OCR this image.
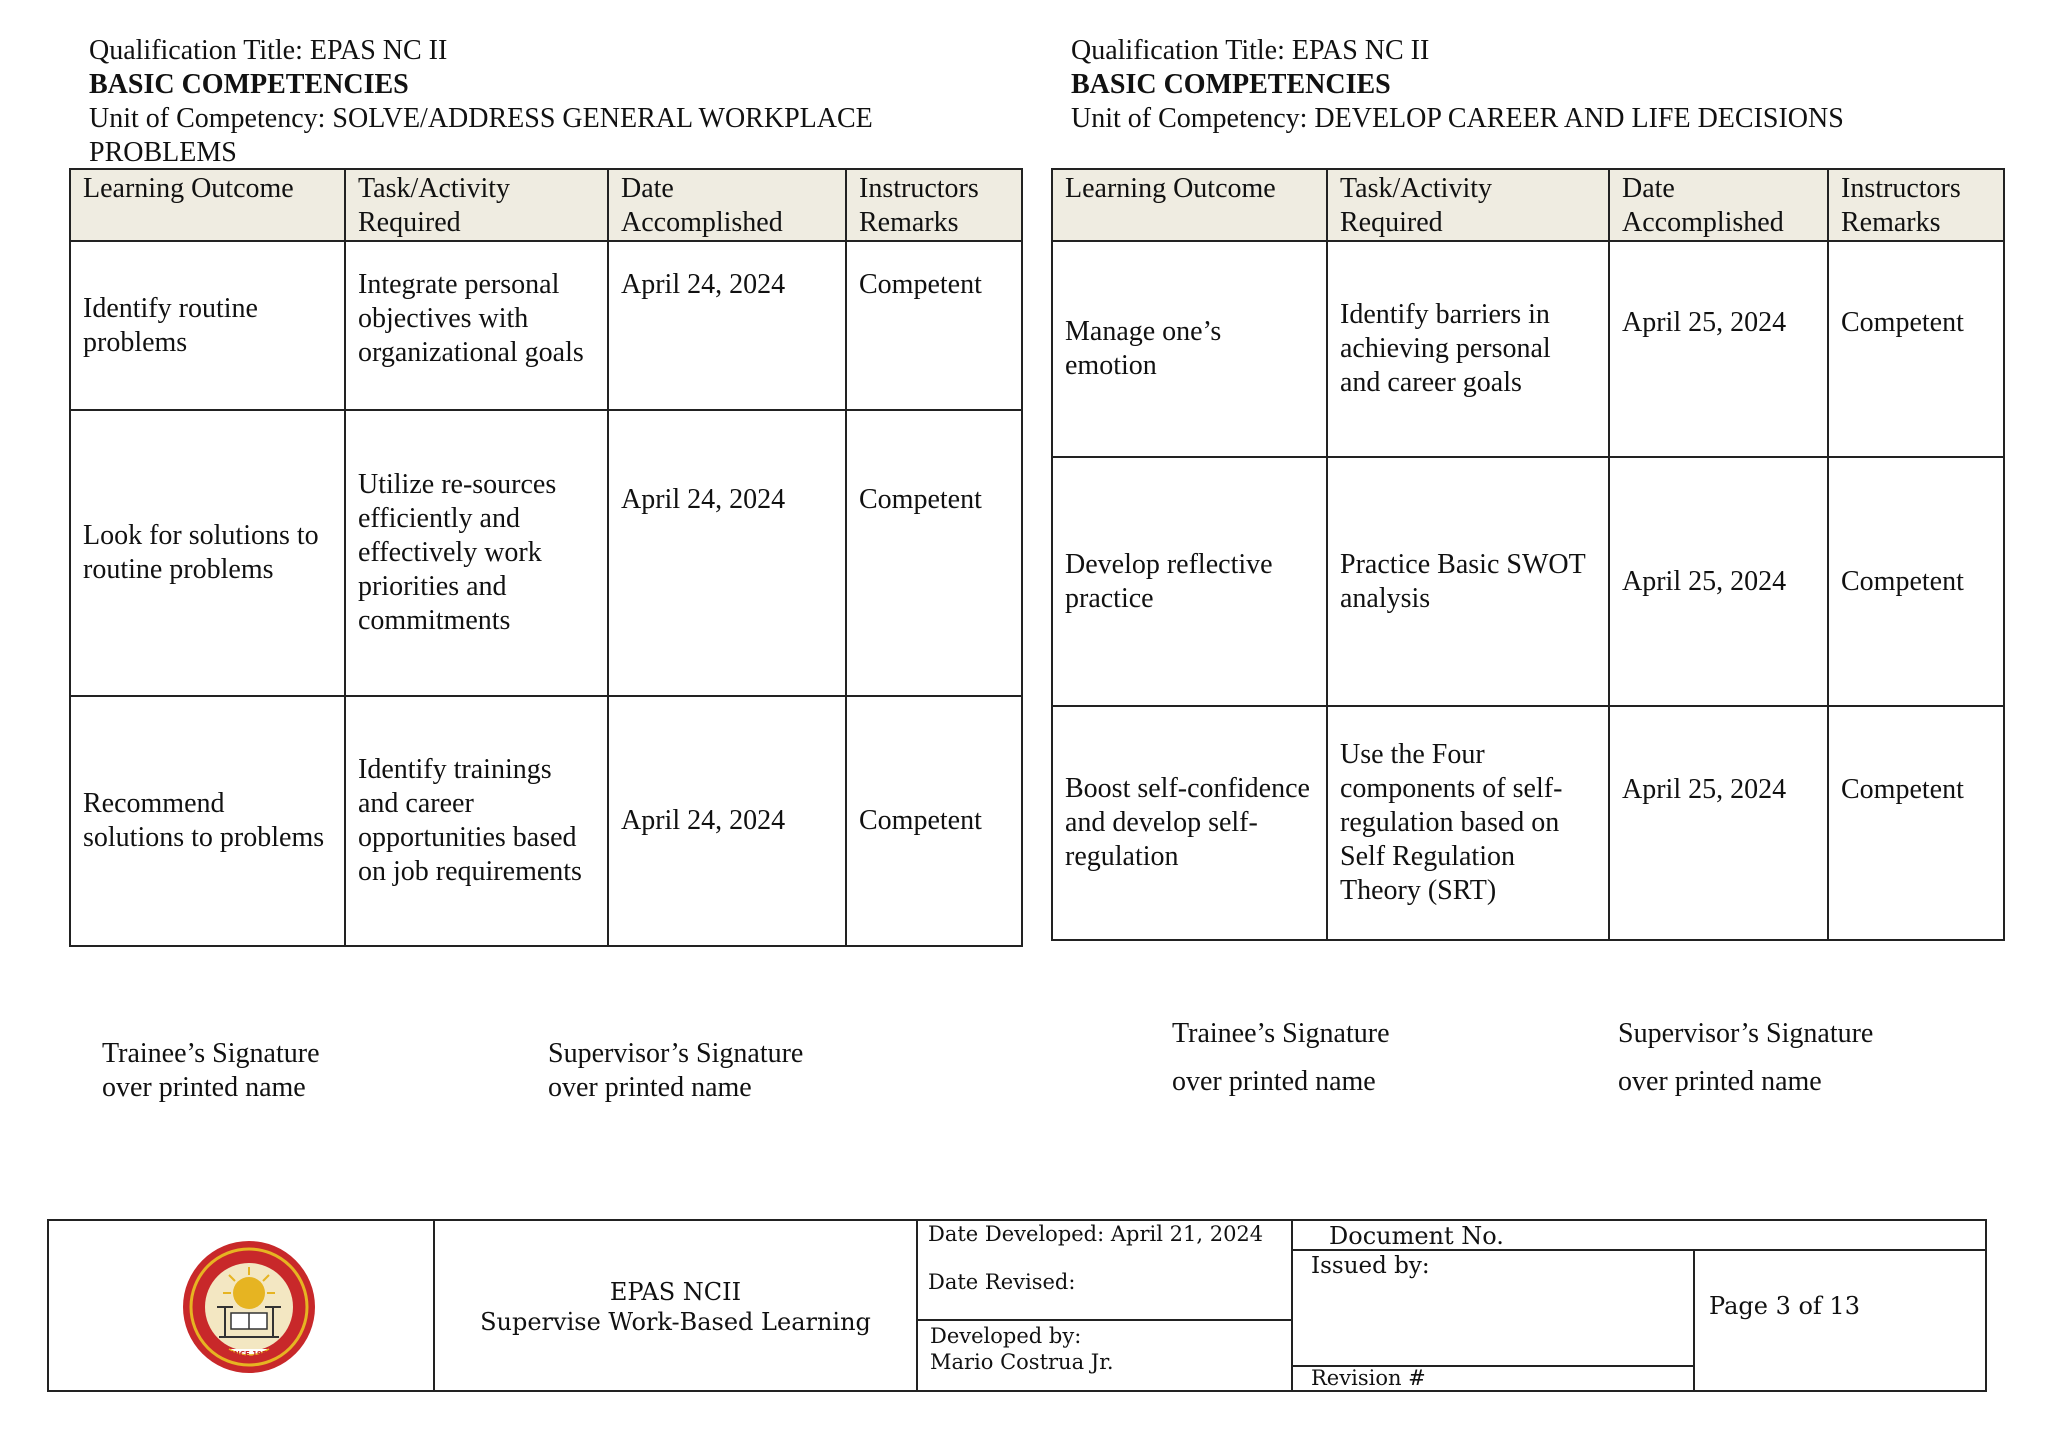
Qualification Title: EPAS NC II
BASIC COMPETENCIES
Unit of Competency: SOLVE/ADDRESS GENERAL WORKPLACE
PROBLEMS
Qualification Title: EPAS NC II
BASIC COMPETENCIES
Unit of Competency: DEVELOP CAREER AND LIFE DECISIONS
Learning Outcome	Task/Activity Required	Date Accomplished	Instructors Remarks
Identify routine problems	Integrate personal objectives with organizational goals	April 24, 2024	Competent
Look for solutions to routine problems	Utilize re-sources efficiently and effectively work priorities and commitments	April 24, 2024	Competent
Recommend solutions to problems	Identify trainings and career opportunities based on job requirements	April 24, 2024	Competent
Learning Outcome	Task/Activity Required	Date Accomplished	Instructors Remarks
Manage one’s emotion	Identify barriers in achieving personal and career goals	April 25, 2024	Competent
Develop reflective practice	Practice Basic SWOT analysis	April 25, 2024	Competent
Boost self-confidence and develop self-regulation	Use the Four components of self-regulation based on Self Regulation Theory (SRT)	April 25, 2024	Competent
Trainee’s Signature
over printed name
Supervisor’s Signature
over printed name
Trainee’s Signature
over printed name
Supervisor’s Signature
over printed name
SINCE 1957
EPAS NCII
Supervise Work-Based Learning
Date Developed: April 21, 2024
Date Revised:
Developed by:
Mario Costrua Jr.
Document No.
Issued by:
Revision #
Page 3 of 13
